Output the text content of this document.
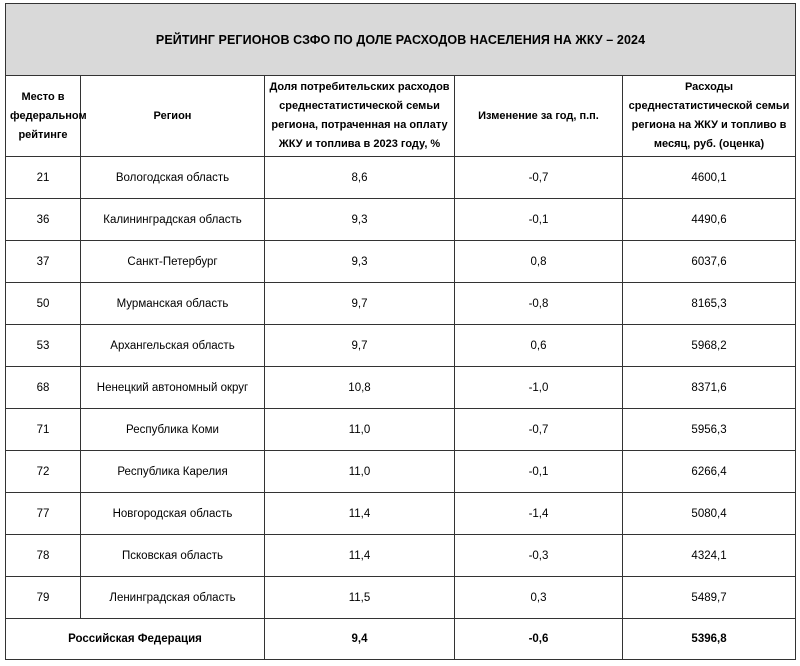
РЕЙТИНГ РЕГИОНОВ СЗФО ПО ДОЛЕ РАСХОДОВ НАСЕЛЕНИЯ НА ЖКУ – 2024				
Место в федеральном рейтинге	Регион	Доля потребительских расходов среднестатистической семьи региона, потраченная на оплату ЖКУ и топлива в 2023 году, %	Изменение за год, п.п.	Расходы среднестатистической семьи региона на ЖКУ и топливо в месяц, руб. (оценка)
21	Вологодская область	8,6	-0,7	4600,1
36	Калининградская область	9,3	-0,1	4490,6
37	Санкт-Петербург	9,3	0,8	6037,6
50	Мурманская область	9,7	-0,8	8165,3
53	Архангельская область	9,7	0,6	5968,2
68	Ненецкий автономный округ	10,8	-1,0	8371,6
71	Республика Коми	11,0	-0,7	5956,3
72	Республика Карелия	11,0	-0,1	6266,4
77	Новгородская область	11,4	-1,4	5080,4
78	Псковская область	11,4	-0,3	4324,1
79	Ленинградская область	11,5	0,3	5489,7
Российская Федерация		9,4	-0,6	5396,8
